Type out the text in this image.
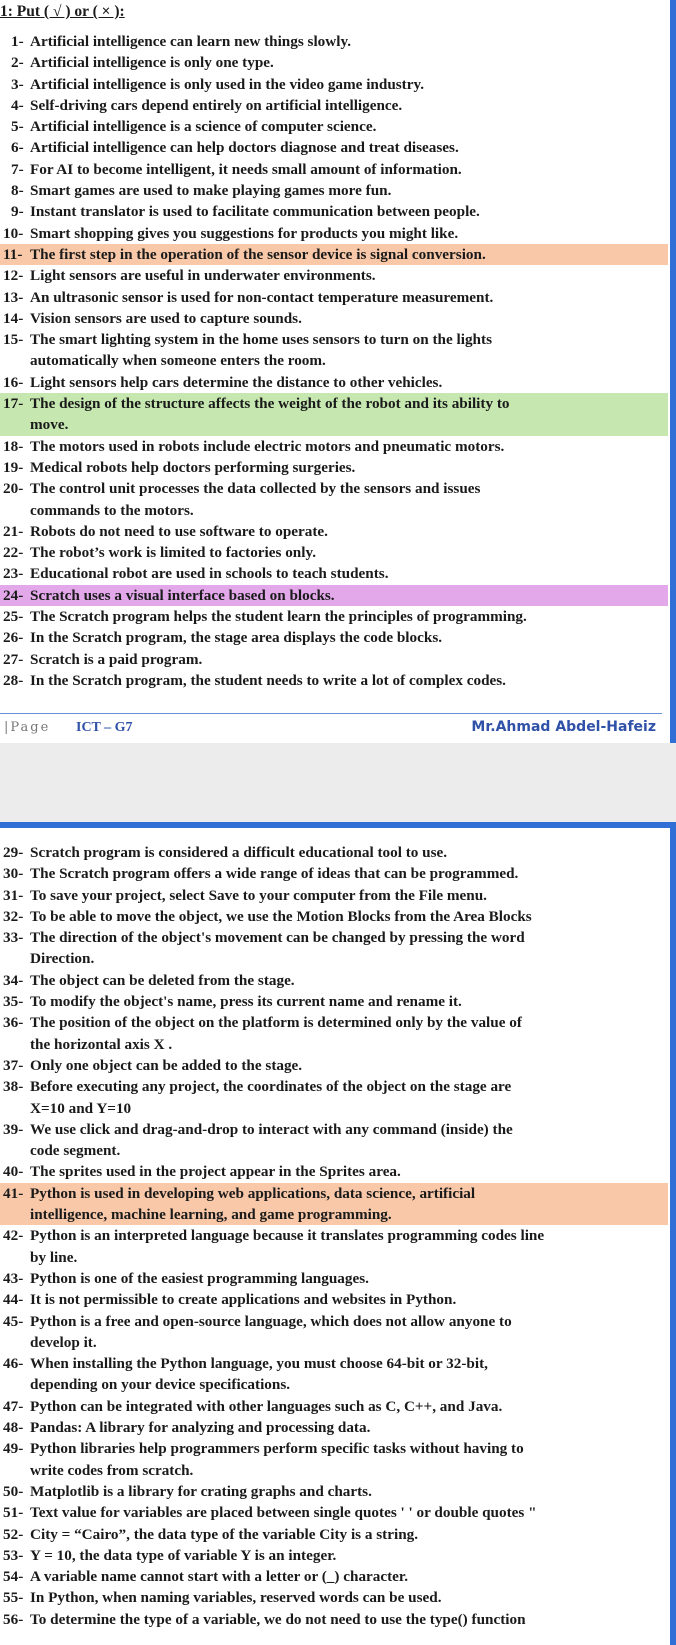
1: Put ( √ ) or ( × ):
1- Artificial intelligence can learn new things slowly.
2- Artificial intelligence is only one type.
3- Artificial intelligence is only used in the video game industry.
4- Self-driving cars depend entirely on artificial intelligence.
5- Artificial intelligence is a science of computer science.
6- Artificial intelligence can help doctors diagnose and treat diseases.
7- For AI to become intelligent, it needs small amount of information.
8- Smart games are used to make playing games more fun.
9- Instant translator is used to facilitate communication between people.
10- Smart shopping gives you suggestions for products you might like.
11- The first step in the operation of the sensor device is signal conversion.
12- Light sensors are useful in underwater environments.
13- An ultrasonic sensor is used for non-contact temperature measurement.
14- Vision sensors are used to capture sounds.
15- The smart lighting system in the home uses sensors to turn on the lights
automatically when someone enters the room.
16- Light sensors help cars determine the distance to other vehicles.
17- The design of the structure affects the weight of the robot and its ability to
move.
18- The motors used in robots include electric motors and pneumatic motors.
19- Medical robots help doctors performing surgeries.
20- The control unit processes the data collected by the sensors and issues
commands to the motors.
21- Robots do not need to use software to operate.
22- The robot’s work is limited to factories only.
23- Educational robot are used in schools to teach students.
24- Scratch uses a visual interface based on blocks.
25- The Scratch program helps the student learn the principles of programming.
26- In the Scratch program, the stage area displays the code blocks.
27- Scratch is a paid program.
28- In the Scratch program, the student needs to write a lot of complex codes.
|Page ICT – G7	Mr.Ahmad Abdel-Hafeiz
29- Scratch program is considered a difficult educational tool to use.
30- The Scratch program offers a wide range of ideas that can be programmed.
31- To save your project, select Save to your computer from the File menu.
32- To be able to move the object, we use the Motion Blocks from the Area Blocks
33- The direction of the object's movement can be changed by pressing the word
Direction.
34- The object can be deleted from the stage.
35- To modify the object's name, press its current name and rename it.
36- The position of the object on the platform is determined only by the value of
the horizontal axis X .
37- Only one object can be added to the stage.
38- Before executing any project, the coordinates of the object on the stage are
X=10 and Y=10
39- We use click and drag-and-drop to interact with any command (inside) the
code segment.
40- The sprites used in the project appear in the Sprites area.
41- Python is used in developing web applications, data science, artificial
intelligence, machine learning, and game programming.
42- Python is an interpreted language because it translates programming codes line
by line.
43- Python is one of the easiest programming languages.
44- It is not permissible to create applications and websites in Python.
45- Python is a free and open-source language, which does not allow anyone to
develop it.
46- When installing the Python language, you must choose 64-bit or 32-bit,
depending on your device specifications.
47- Python can be integrated with other languages such as C, C++, and Java.
48- Pandas: A library for analyzing and processing data.
49- Python libraries help programmers perform specific tasks without having to
write codes from scratch.
50- Matplotlib is a library for crating graphs and charts.
51- Text value for variables are placed between single quotes ' ' or double quotes "
52- City = “Cairo”, the data type of the variable City is a string.
53- Y = 10, the data type of variable Y is an integer.
54- A variable name cannot start with a letter or (_) character.
55- In Python, when naming variables, reserved words can be used.
56- To determine the type of a variable, we do not need to use the type() function
